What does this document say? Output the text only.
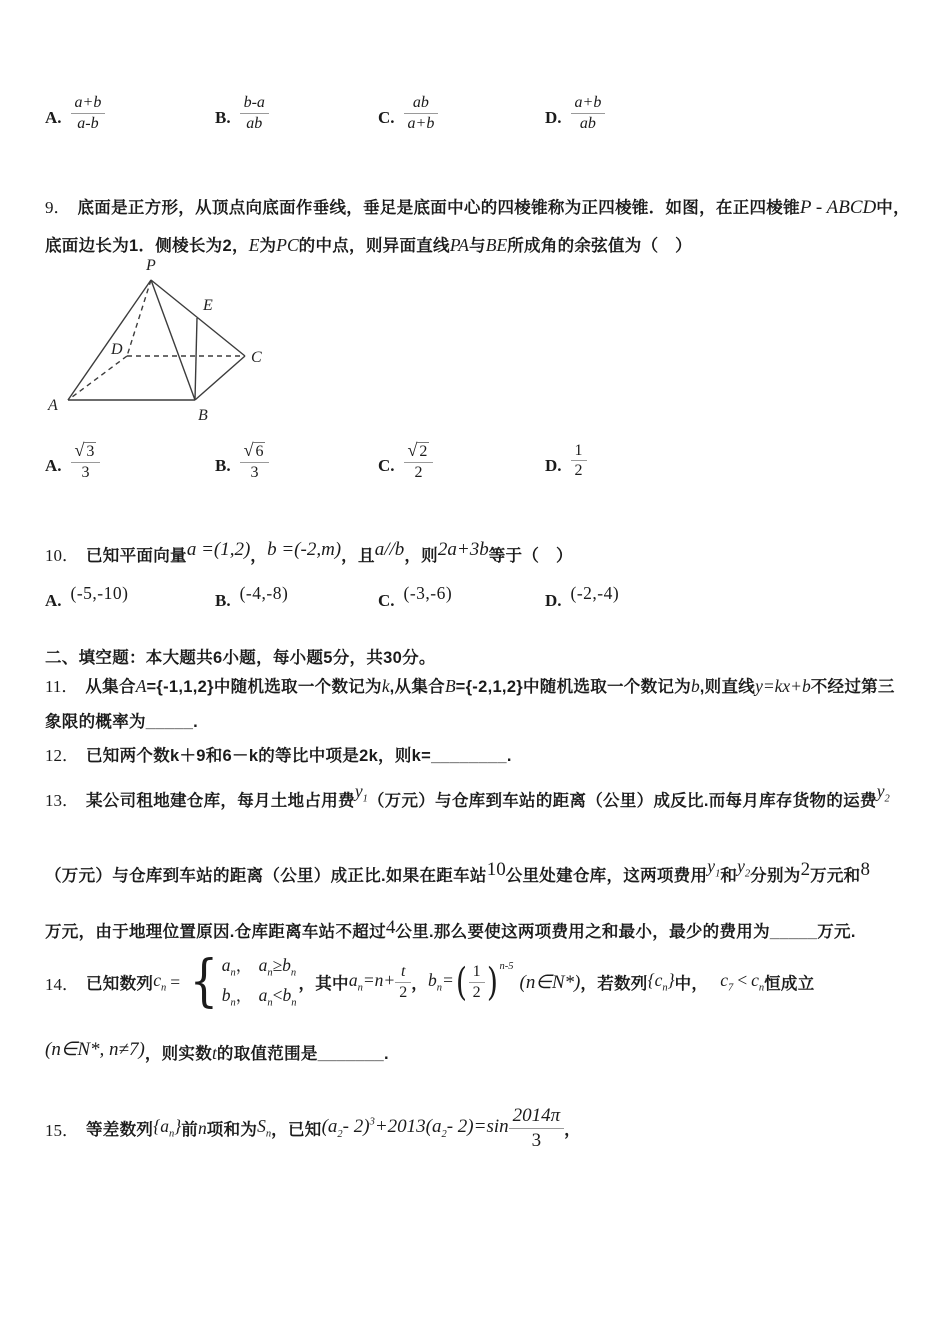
A. $\frac{a+b}{a-b}$	B. $\frac{b-a}{ab}$	C. $\frac{ab}{a+b}$	D. $\frac{a+b}{ab}$
9． 底面是正方形，从顶点向底面作垂线，垂足是底面中心的四棱锥称为正四棱锥．如图，在正四棱锥P - ABCD中，
底面边长为1．侧棱长为2，E为PC的中点，则异面直线PA与BE所成角的余弦值为（　）
P
A
B
C
D
E
A. $\frac{√ 3}{3}$	B. $\frac{√ 6}{3}$	C. $\frac{√ 2}{2}$	D. $\frac{1}{2}$
10． 已知平面向量a =(1,2)，b =(-2,m)，且a//b，则2a+3b等于（　）
A. (-5,-10)	B. (-4,-8)	C. (-3,-6)	D. (-2,-4)
二、填空题：本大题共6小题，每小题5分，共30分。
11． 从集合A={-1,1,2}中随机选取一个数记为k,从集合B={-2,1,2}中随机选取一个数记为b,则直线y=kx+b不经过第三
象限的概率为_____.
12． 已知两个数k＋9和6－k的等比中项是2k，则k=________.
13． 某公司租地建仓库，每月土地占用费$y_1$（万元）与仓库到车站的距离（公里）成反比.而每月库存货物的运费$y_2$
（万元）与仓库到车站的距离（公里）成正比.如果在距车站10公里处建仓库，这两项费用$y_1$和$y_2$分别为2万元和8
万元，由于地理位置原因.仓库距离车站不超过4公里.那么要使这两项费用之和最小，最少的费用为_____万元.
14． 已知数列 $c_n$ = { $a_n$， $a_n\ge b_n$
$b_n$， $a_n<b_n$
，其中 $a_n=n+ \frac{t}{2}$ ， $b_n=$ ( $\frac{1}{2} )^{n-5}$
(n∈N*) ，若数列 $\{c_n\}$ 中， $c_7 < c_n$ 恒成立
(n∈N*, n≠7)，则实数t的取值范围是_______.
15． 等差数列 $\{a_n\}$ 前 n 项和为 $S_n$ ，已知 ($a_2-$ $2)^3+2013(a_2-$ $2)=\sin \frac{2014\pi}{3}$ ，
